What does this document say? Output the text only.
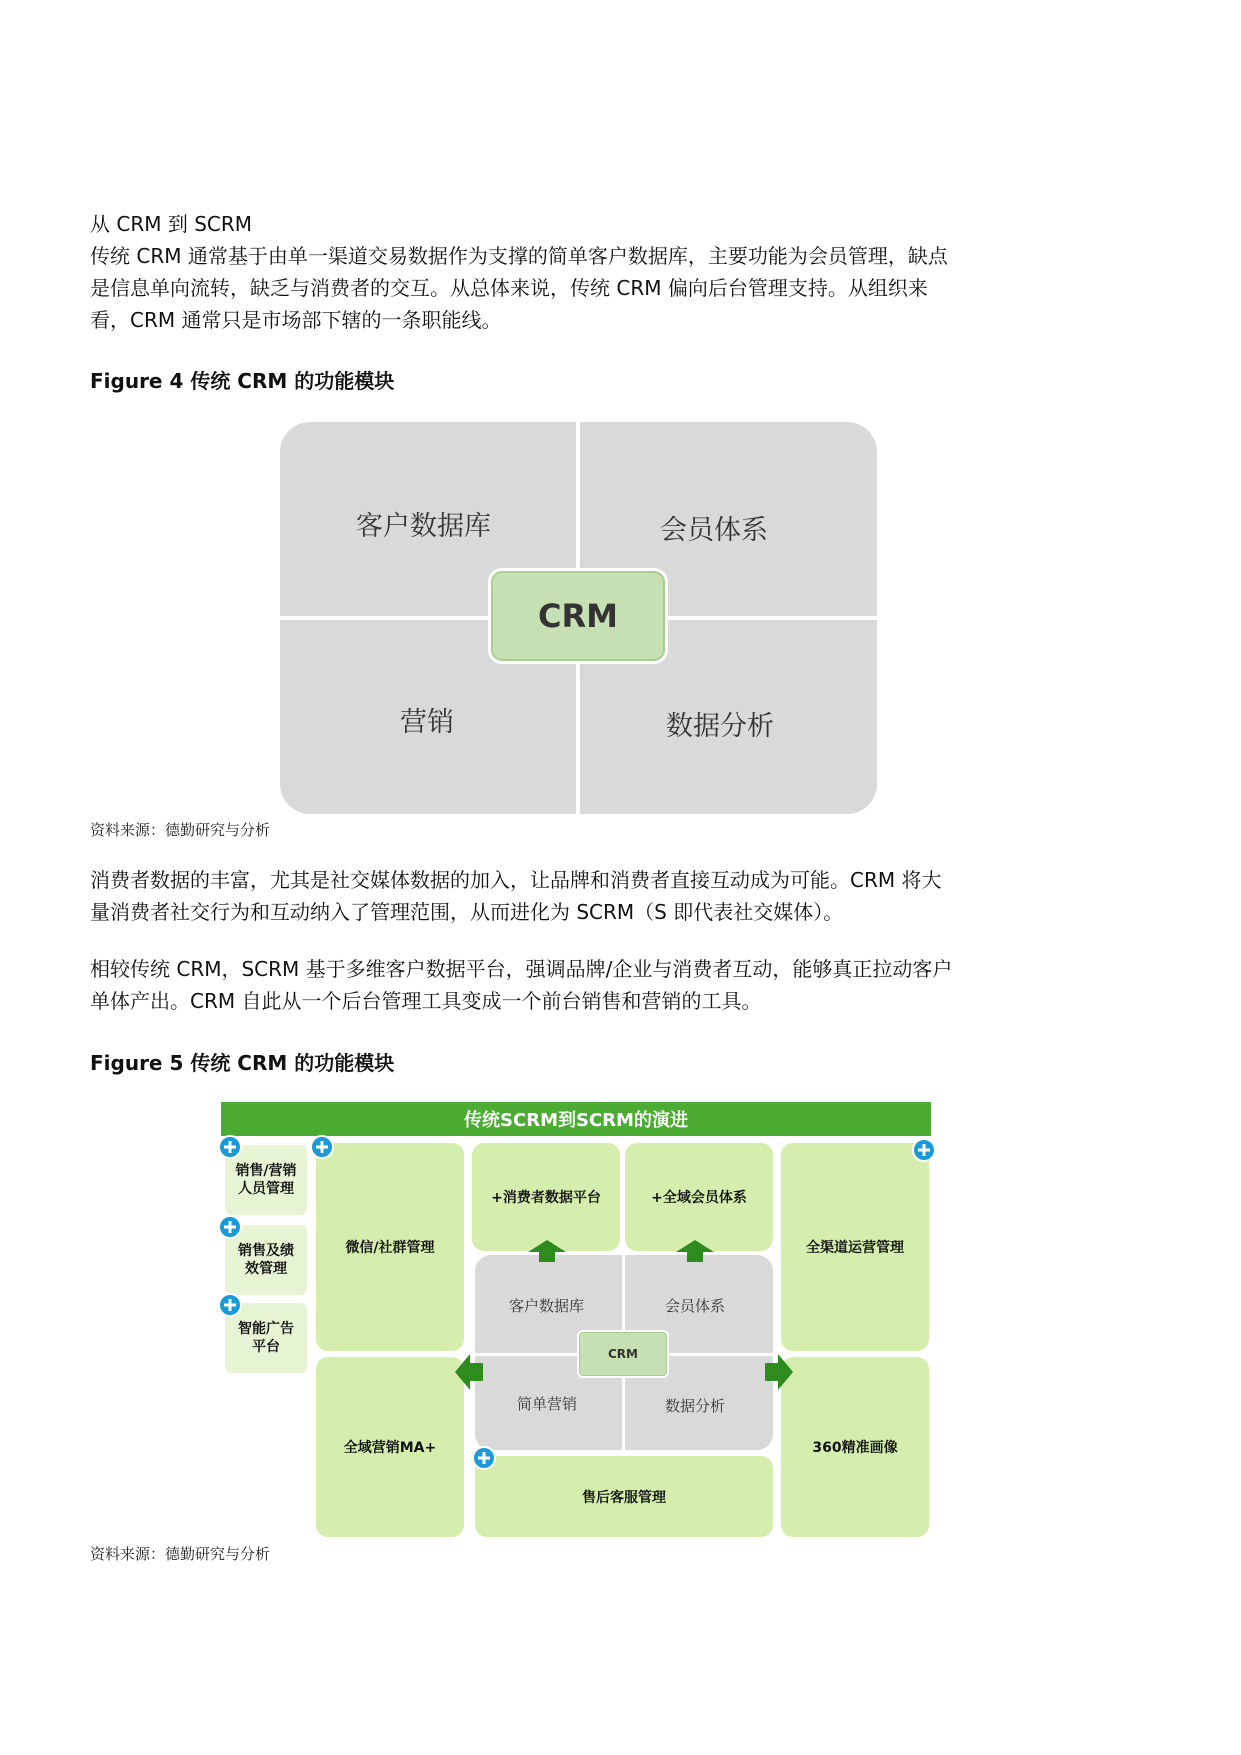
从 CRM 到 SCRM
传统 CRM 通常基于由单一渠道交易数据作为支撑的简单客户数据库，主要功能为会员管理，缺点
是信息单向流转，缺乏与消费者的交互。从总体来说，传统 CRM 偏向后台管理支持。从组织来
看，CRM 通常只是市场部下辖的一条职能线。
Figure 4 传统 CRM 的功能模块
客户数据库	会员体系
营销	数据分析
CRM
资料来源：德勤研究与分析
消费者数据的丰富，尤其是社交媒体数据的加入，让品牌和消费者直接互动成为可能。CRM 将大
量消费者社交行为和互动纳入了管理范围，从而进化为 SCRM（S 即代表社交媒体）。
相较传统 CRM，SCRM 基于多维客户数据平台，强调品牌/企业与消费者互动，能够真正拉动客户
单体产出。CRM 自此从一个后台管理工具变成一个前台销售和营销的工具。
Figure 5 传统 CRM 的功能模块
传统SCRM到SCRM的演进
销售/营销
人员管理
销售及绩
效管理
智能广告
平台
微信/社群管理
+消费者数据平台	+全域会员体系
全渠道运营管理
全域营销MA+	360精准画像
售后客服管理
客户数据库	会员体系
简单营销	数据分析
CRM
资料来源：德勤研究与分析
